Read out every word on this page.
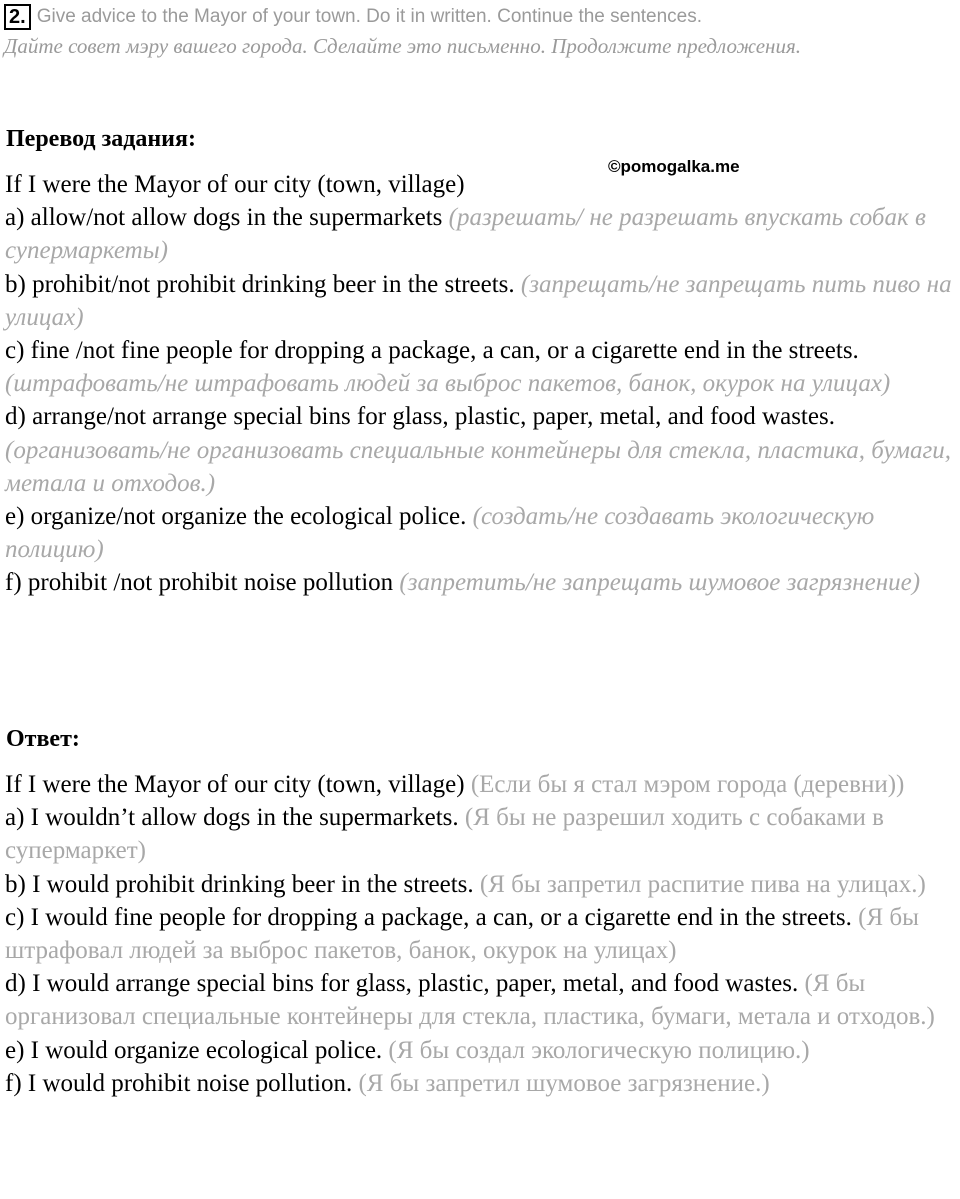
2. Give advice to the Mayor of your town. Do it in written. Continue the sentences.
Дайте совет мэру вашего города. Сделайте это письменно. Продолжите предложения.
Перевод задания:
©pomogalka.me
If I were the Mayor of our city (town, village)
a) allow/not allow dogs in the supermarkets (разрешать/ не разрешать впускать собак в супермаркеты)
b) prohibit/not prohibit drinking beer in the streets. (запрещать/не запрещать пить пиво на улицах)
c) fine /not fine people for dropping a package, a can, or a cigarette end in the streets. (штрафовать/не штрафовать людей за выброс пакетов, банок, окурок на улицах)
d) arrange/not arrange special bins for glass, plastic, paper, metal, and food wastes. (организовать/не организовать специальные контейнеры для стекла, пластика, бумаги, метала и отходов.)
e) organize/not organize the ecological police. (создать/не создавать экологическую полицию)
f) prohibit /not prohibit noise pollution (запретить/не запрещать шумовое загрязнение)
Ответ:
If I were the Mayor of our city (town, village) (Если бы я стал мэром города (деревни))
a) I wouldn’t allow dogs in the supermarkets. (Я бы не разрешил ходить с собаками в супермаркет)
b) I would prohibit drinking beer in the streets. (Я бы запретил распитие пива на улицах.)
c) I would fine people for dropping a package, a can, or a cigarette end in the streets. (Я бы штрафовал людей за выброс пакетов, банок, окурок на улицах)
d) I would arrange special bins for glass, plastic, paper, metal, and food wastes. (Я бы организовал специальные контейнеры для стекла, пластика, бумаги, метала и отходов.)
e) I would organize ecological police. (Я бы создал экологическую полицию.)
f) I would prohibit noise pollution. (Я бы запретил шумовое загрязнение.)
